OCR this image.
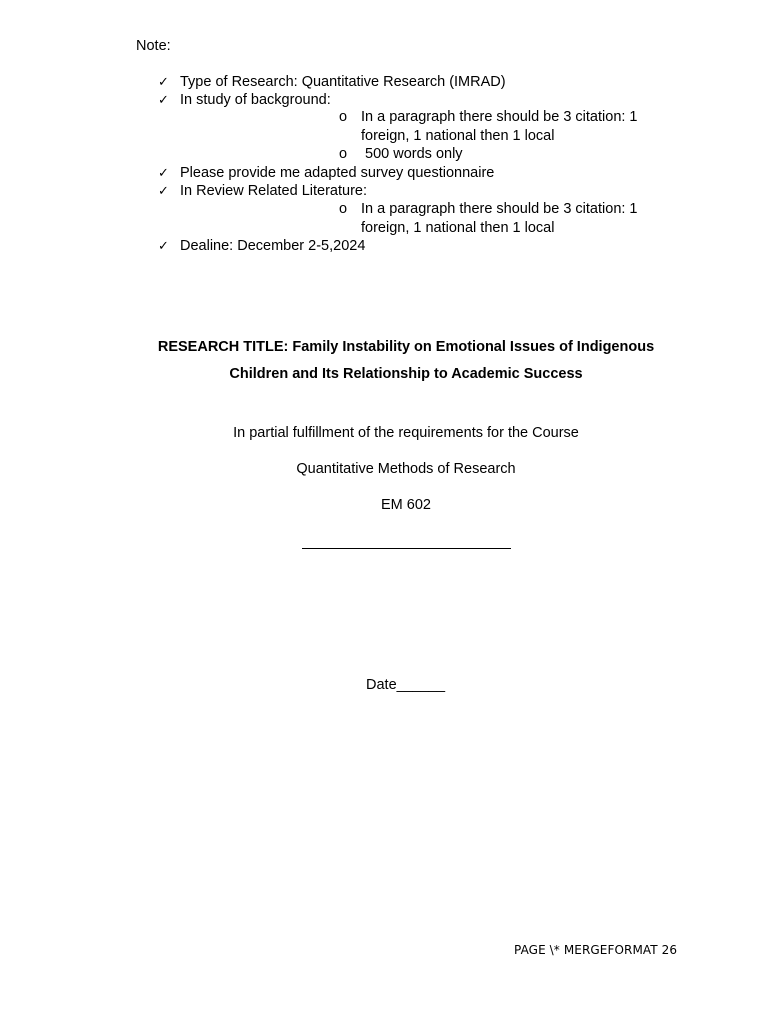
Note:
✓ Type of Research: Quantitative Research (IMRAD)
✓ In study of background:
o In a paragraph there should be 3 citation: 1 foreign, 1 national then 1 local
o 500 words only
✓ Please provide me adapted survey questionnaire
✓ In Review Related Literature:
o In a paragraph there should be 3 citation: 1 foreign, 1 national then 1 local
✓ Dealine: December 2-5,2024
RESEARCH TITLE: Family Instability on Emotional Issues of Indigenous
Children and Its Relationship to Academic Success
In partial fulfillment of the requirements for the Course
Quantitative Methods of Research
EM 602
Date______
PAGE \* MERGEFORMAT 26
